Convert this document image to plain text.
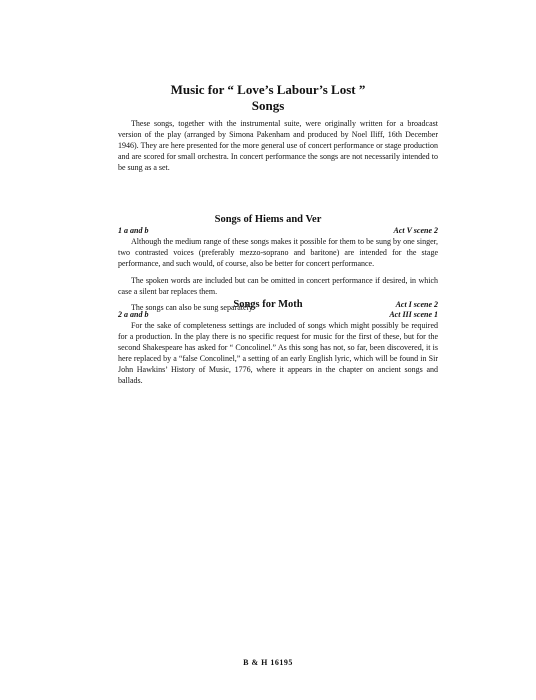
Music for “ Love’s Labour’s Lost ”
Songs

These songs, together with the instrumental suite, were originally written for a broadcast version of the play (arranged by Simona Pakenham and produced by Noel Iliff, 16th December 1946). They are here presented for the more general use of concert performance or stage production and are scored for small orchestra. In concert performance the songs are not necessarily intended to be sung as a set.

Songs of Hiems and Ver
1 a and b	Act V scene 2

Although the medium range of these songs makes it possible for them to be sung by one singer, two contrasted voices (preferably mezzo-soprano and baritone) are intended for the stage performance, and such would, of course, also be better for concert performance.

The spoken words are included but can be omitted in concert performance if desired, in which case a silent bar replaces them.

The songs can also be sung separately.

Songs for Moth	Act I scene 2
2 a and b	Act III scene 1

For the sake of completeness settings are included of songs which might possibly be required for a production. In the play there is no specific request for music for the first of these, but for the second Shakespeare has asked for “ Concolinel.” As this song has not, so far, been discovered, it is here replaced by a “false Concolinel,” a setting of an early English lyric, which will be found in Sir John Hawkins’ History of Music, 1776, where it appears in the chapter on ancient songs and ballads.

B & H 16195
